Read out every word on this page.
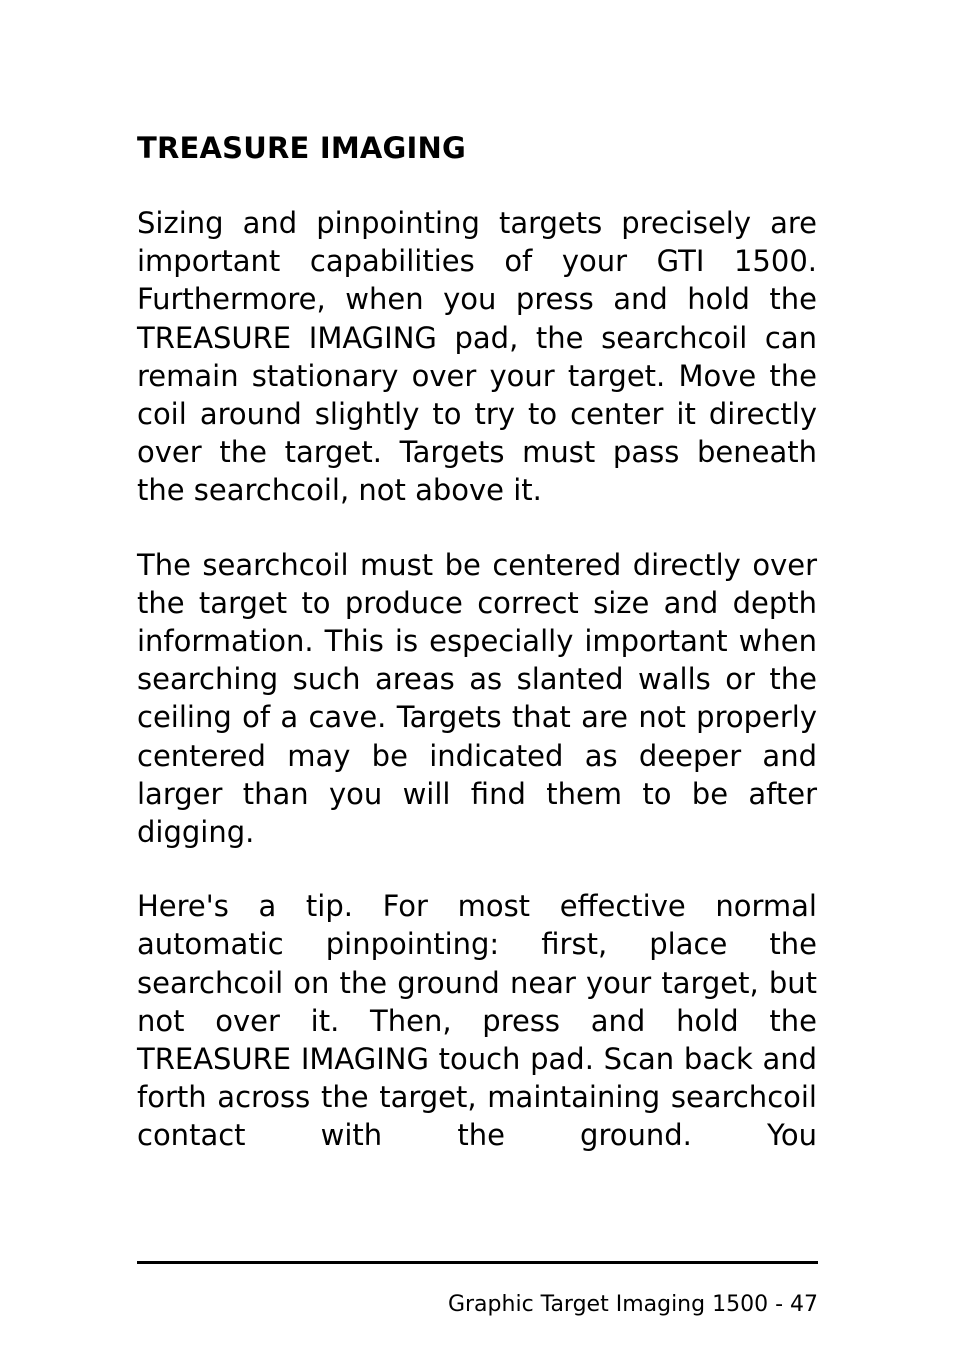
TREASURE IMAGING

Sizing and pinpointing targets precisely are important capabilities of your GTI 1500. Furthermore, when you press and hold the TREASURE IMAGING pad, the searchcoil can remain stationary over your target. Move the coil around slightly to try to center it directly over the target. Targets must pass beneath the searchcoil, not above it.

The searchcoil must be centered directly over the target to produce correct size and depth information. This is especially important when searching such areas as slanted walls or the ceiling of a cave. Targets that are not properly centered may be indicated as deeper and larger than you will find them to be after digging.

Here's a tip. For most effective normal automatic pinpointing: first, place the searchcoil on the ground near your target, but not over it. Then, press and hold the TREASURE IMAGING touch pad. Scan back and forth across the target, maintaining searchcoil contact with the ground. You

Graphic Target Imaging 1500 - 47
